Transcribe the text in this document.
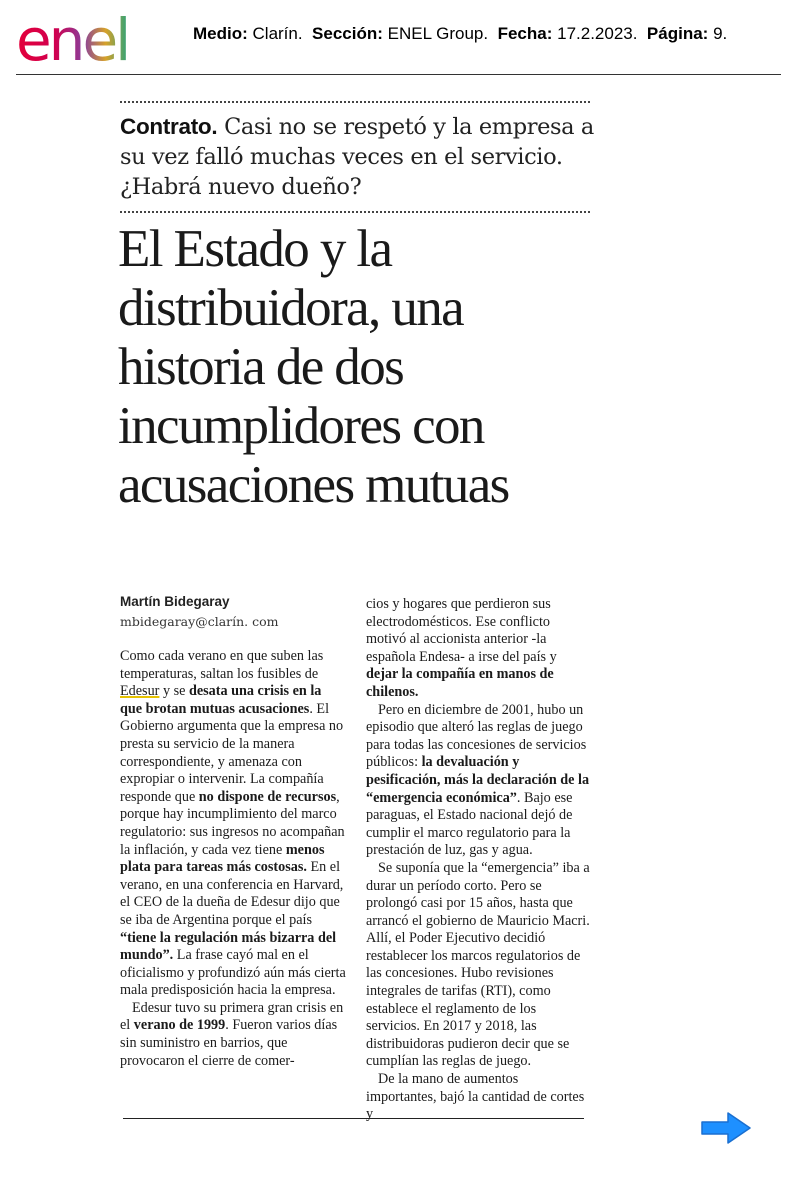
enel	Medio: Clarín. Sección: ENEL Group. Fecha: 17.2.2023. Página: 9.
Contrato. Casi no se respetó y la empresa a su vez falló muchas veces en el servicio. ¿Habrá nuevo dueño?
El Estado y la
distribuidora, una
historia de dos
incumplidores con
acusaciones mutuas
Martín Bidegaray
mbidegaray@clarín. com

Como cada verano en que suben las temperaturas, saltan los fusibles de Edesur y se desata una crisis en la que brotan mutuas acusaciones. El Gobierno argumenta que la empresa no presta su servicio de la manera correspondiente, y amenaza con expropiar o intervenir. La compañía responde que no dispone de recursos, porque hay incumplimiento del marco regulatorio: sus ingresos no acompañan la inflación, y cada vez tiene menos plata para tareas más costosas. En el verano, en una conferencia en Harvard, el CEO de la dueña de Edesur dijo que se iba de Argentina porque el país “tiene la regulación más bizarra del mundo”. La frase cayó mal en el oficialismo y profundizó aún más cierta mala predisposición hacia la empresa.

Edesur tuvo su primera gran crisis en el verano de 1999. Fueron varios días sin suministro en barrios, que provocaron el cierre de comer-

cios y hogares que perdieron sus electrodomésticos. Ese conflicto motivó al accionista anterior -la española Endesa- a irse del país y dejar la compañía en manos de chilenos.

Pero en diciembre de 2001, hubo un episodio que alteró las reglas de juego para todas las concesiones de servicios públicos: la devaluación y pesificación, más la declaración de la “emergencia económica”. Bajo ese paraguas, el Estado nacional dejó de cumplir el marco regulatorio para la prestación de luz, gas y agua.

Se suponía que la “emergencia” iba a durar un período corto. Pero se prolongó casi por 15 años, hasta que arrancó el gobierno de Mauricio Macri. Allí, el Poder Ejecutivo decidió restablecer los marcos regulatorios de las concesiones. Hubo revisiones integrales de tarifas (RTI), como establece el reglamento de los servicios. En 2017 y 2018, las distribuidoras pudieron decir que se cumplían las reglas de juego.

De la mano de aumentos importantes, bajó la cantidad de cortes y
